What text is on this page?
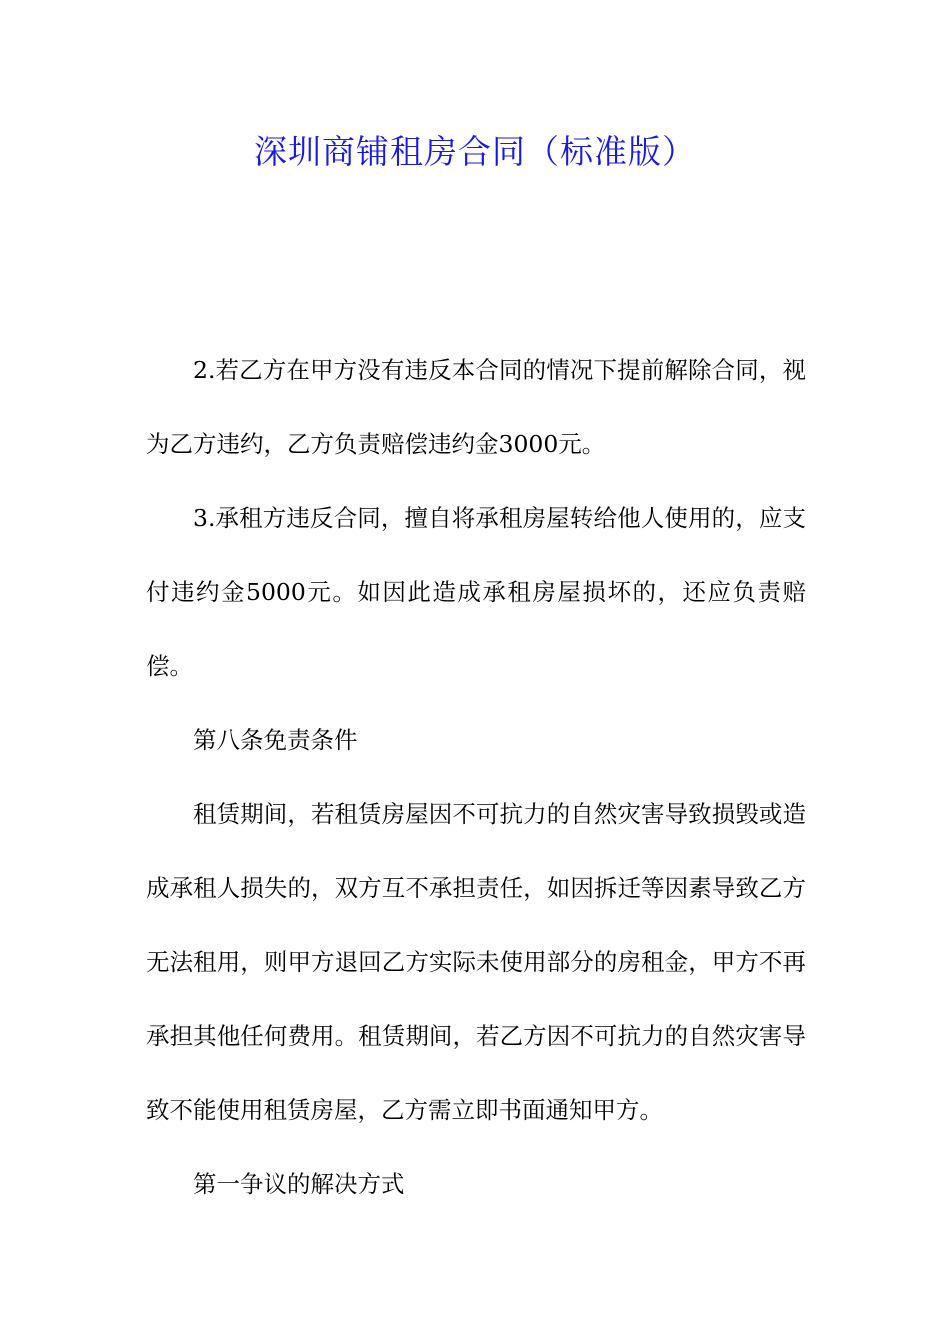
深圳商铺租房合同（标准版）

2.若乙方在甲方没有违反本合同的情况下提前解除合同，视为乙方违约，乙方负责赔偿违约金3000元。

3.承租方违反合同，擅自将承租房屋转给他人使用的，应支付违约金5000元。如因此造成承租房屋损坏的，还应负责赔偿。

第八条免责条件

租赁期间，若租赁房屋因不可抗力的自然灾害导致损毁或造成承租人损失的，双方互不承担责任，如因拆迁等因素导致乙方无法租用，则甲方退回乙方实际未使用部分的房租金，甲方不再承担其他任何费用。租赁期间，若乙方因不可抗力的自然灾害导致不能使用租赁房屋，乙方需立即书面通知甲方。

第一争议的解决方式
